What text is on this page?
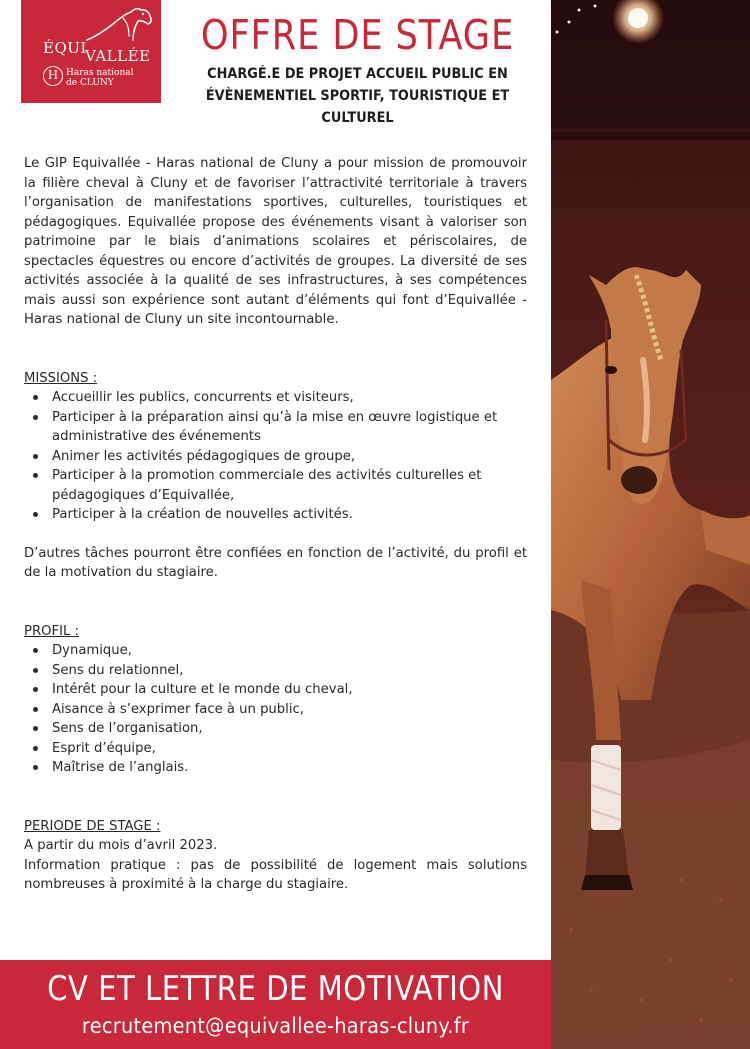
ÉQUI
VALLÉE
H Haras national
de CLUNY
OFFRE DE STAGE
CHARGÉ.E DE PROJET ACCUEIL PUBLIC EN
ÉVÈNEMENTIEL SPORTIF, TOURISTIQUE ET CULTUREL

Le GIP Equivallée - Haras national de Cluny a pour mission de promouvoir la filière cheval à Cluny et de favoriser l’attractivité territoriale à travers l’organisation de manifestations sportives, culturelles, touristiques et pédagogiques. Equivallée propose des événements visant à valoriser son patrimoine par le biais d’animations scolaires et périscolaires, de spectacles équestres ou encore d’activités de groupes. La diversité de ses activités associée à la qualité de ses infrastructures, à ses compétences mais aussi son expérience sont autant d’éléments qui font d’Equivallée - Haras national de Cluny un site incontournable.

MISSIONS :

Accueillir les publics, concurrents et visiteurs,
Participer à la préparation ainsi qu’à la mise en œuvre logistique et administrative des événements
Animer les activités pédagogiques de groupe,
Participer à la promotion commerciale des activités culturelles et pédagogiques d’Equivallée,
Participer à la création de nouvelles activités.

D’autres tâches pourront être confiées en fonction de l’activité, du profil et de la motivation du stagiaire.

PROFIL :

Dynamique,
Sens du relationnel,
Intérêt pour la culture et le monde du cheval,
Aisance à s’exprimer face à un public,
Sens de l’organisation,
Esprit d’équipe,
Maîtrise de l’anglais.

PERIODE DE STAGE :

A partir du mois d’avril 2023.

Information pratique : pas de possibilité de logement mais solutions nombreuses à proximité à la charge du stagiaire.

CV ET LETTRE DE MOTIVATION
recrutement@equivallee-haras-cluny.fr
